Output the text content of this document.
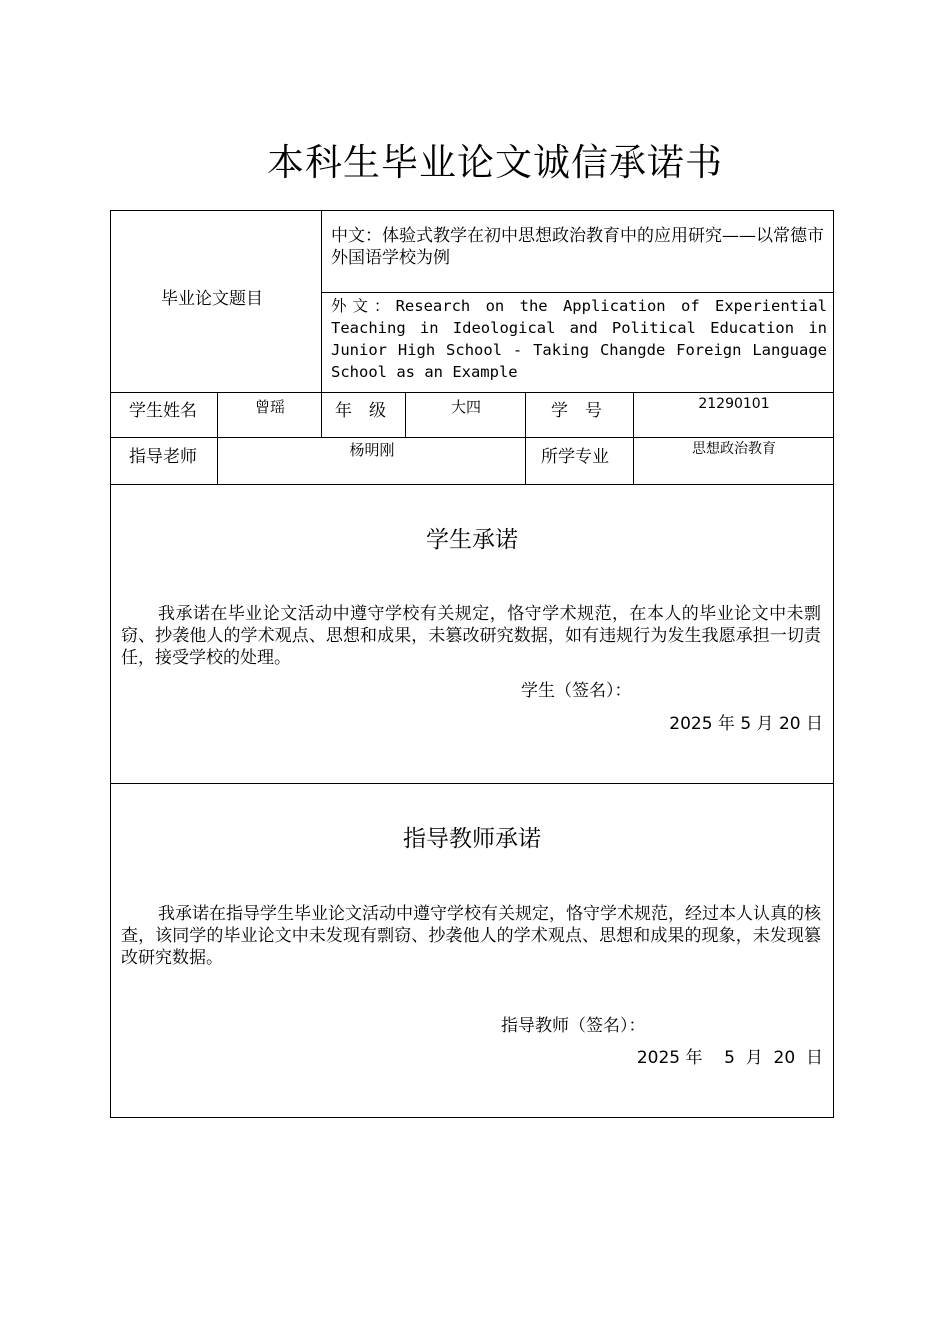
本科生毕业论文诚信承诺书
毕业论文题目
中文：体验式教学在初中思想政治教育中的应用研究——以常德市外国语学校为例
外文：Research on the Application of Experiential Teaching in Ideological and Political Education in Junior High School - Taking Changde Foreign Language School as an Example
学生姓名	曾瑶	年　级	大四	学　号	21290101
指导老师	杨明刚	所学专业	思想政治教育
学生承诺
我承诺在毕业论文活动中遵守学校有关规定，恪守学术规范，在本人的毕业论文中未剽窃、抄袭他人的学术观点、思想和成果，未篡改研究数据，如有违规行为发生我愿承担一切责任，接受学校的处理。
学生（签名）：
2025 年 5 月 20 日
指导教师承诺
我承诺在指导学生毕业论文活动中遵守学校有关规定，恪守学术规范，经过本人认真的核查，该同学的毕业论文中未发现有剽窃、抄袭他人的学术观点、思想和成果的现象，未发现篡改研究数据。
指导教师（签名）：
2025 年    5  月  20  日
